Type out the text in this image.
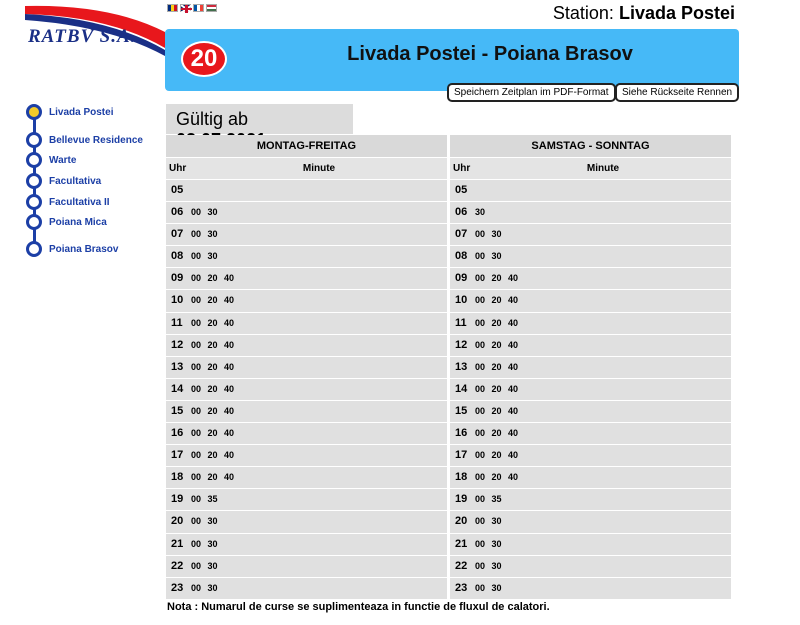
RATBV S.A.
Station: Livada Postei
20	Livada Postei - Poiana Brasov
Speichern Zeitplan im PDF-Format	Siehe Rückseite Rennen
Gültig ab
Livada Postei
Bellevue Residence
Warte
Facultativa
Facultativa II
Poiana Mica
Poiana Brasov
MONTAG-FREITAG
Uhr	Minute
05
06 00 30
07 00 30
08 00 30
09 00 20 40
10 00 20 40
11 00 20 40
12 00 20 40
13 00 20 40
14 00 20 40
15 00 20 40
16 00 20 40
17 00 20 40
18 00 20 40
19 00 35
20 00 30
21 00 30
22 00 30
23 00 30
SAMSTAG - SONNTAG
Uhr	Minute
05
06 30
07 00 30
08 00 30
09 00 20 40
10 00 20 40
11 00 20 40
12 00 20 40
13 00 20 40
14 00 20 40
15 00 20 40
16 00 20 40
17 00 20 40
18 00 20 40
19 00 35
20 00 30
21 00 30
22 00 30
23 00 30
Nota : Numarul de curse se suplimenteaza in functie de fluxul de calatori.
